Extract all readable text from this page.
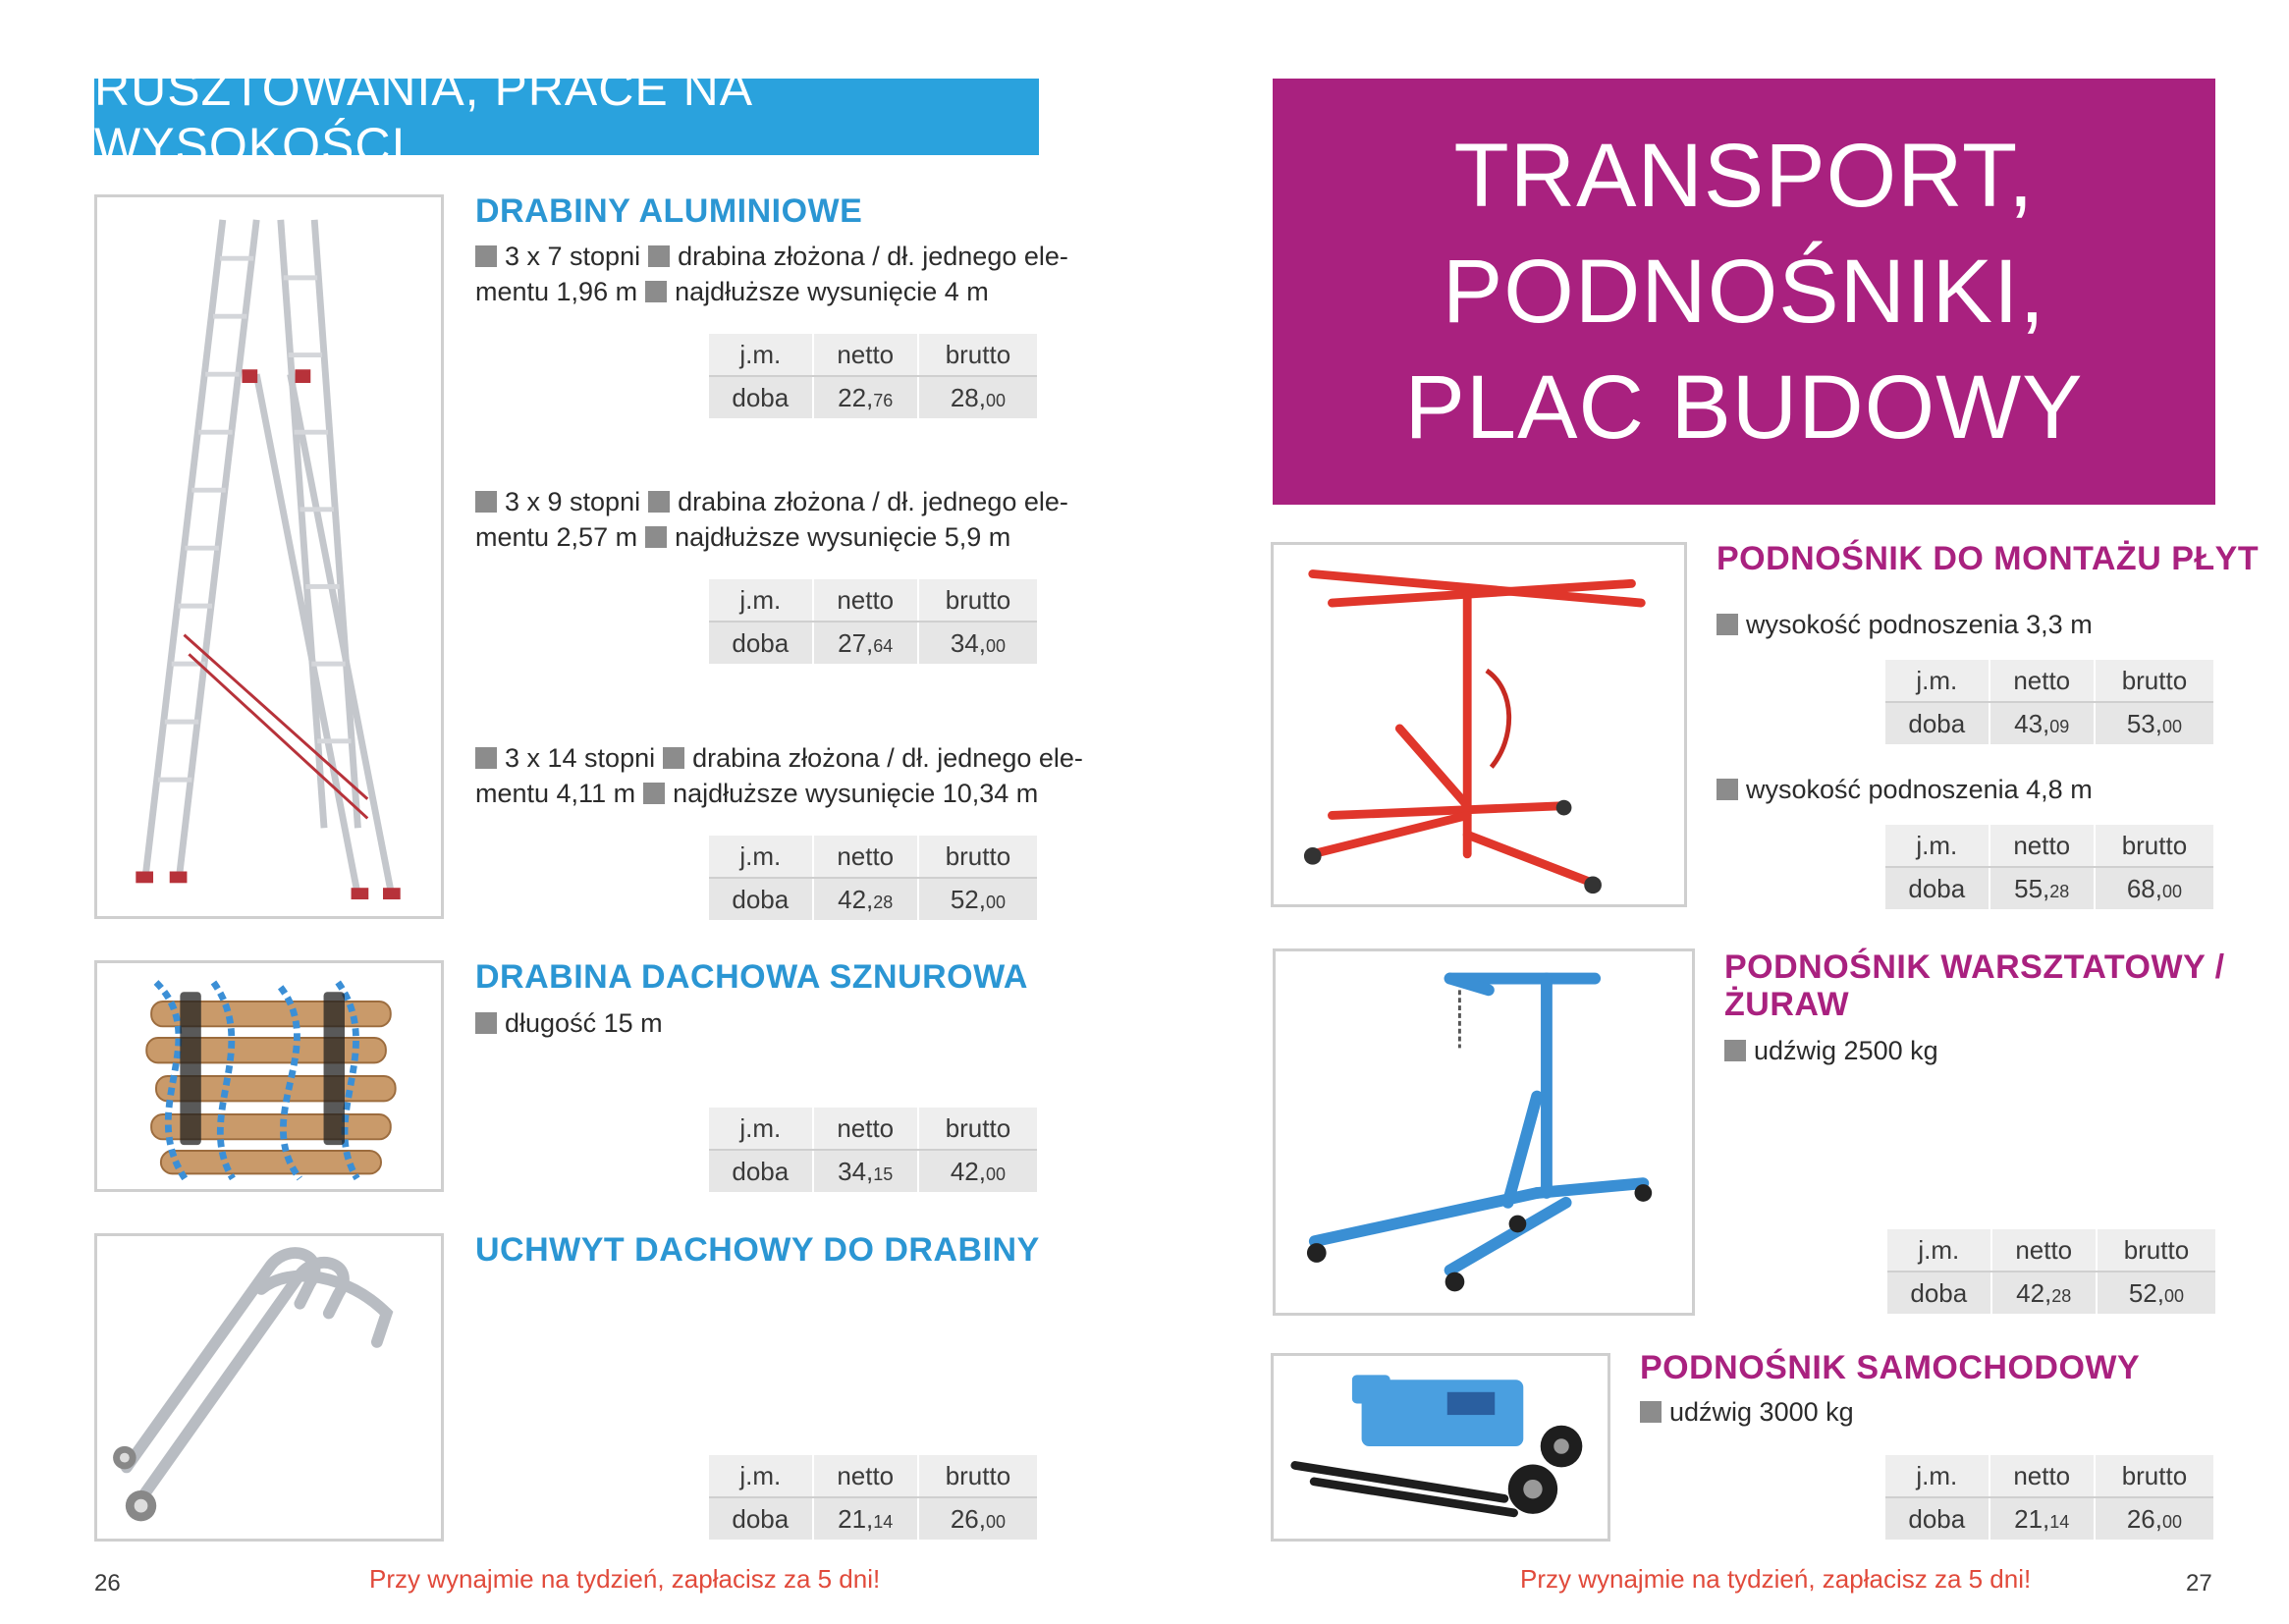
RUSZTOWANIA, PRACE NA WYSOKOŚCI
DRABINY ALUMINIOWE
3 x 7 stopni drabina złożona / dł. jednego ele-
mentu 1,96 m najdłuższe wysunięcie 4 m
j.m.	netto	brutto
doba	22,76	28,00
3 x 9 stopni drabina złożona / dł. jednego ele-
mentu 2,57 m najdłuższe wysunięcie 5,9 m
j.m.	netto	brutto
doba	27,64	34,00
3 x 14 stopni drabina złożona / dł. jednego ele-
mentu 4,11 m najdłuższe wysunięcie 10,34 m
j.m.	netto	brutto
doba	42,28	52,00
DRABINA DACHOWA SZNUROWA
długość 15 m
j.m.	netto	brutto
doba	34,15	42,00
UCHWYT DACHOWY DO DRABINY
j.m.	netto	brutto
doba	21,14	26,00
26	Przy wynajmie na tydzień, zapłacisz za 5 dni!
TRANSPORT,
PODNOŚNIKI,
PLAC BUDOWY
PODNOŚNIK DO MONTAŻU PŁYT
wysokość podnoszenia 3,3 m
j.m.	netto	brutto
doba	43,09	53,00
wysokość podnoszenia 4,8 m
j.m.	netto	brutto
doba	55,28	68,00
PODNOŚNIK WARSZTATOWY /
ŻURAW
udźwig 2500 kg
j.m.	netto	brutto
doba	42,28	52,00
PODNOŚNIK SAMOCHODOWY
udźwig 3000 kg
j.m.	netto	brutto
doba	21,14	26,00
Przy wynajmie na tydzień, zapłacisz za 5 dni!	27
